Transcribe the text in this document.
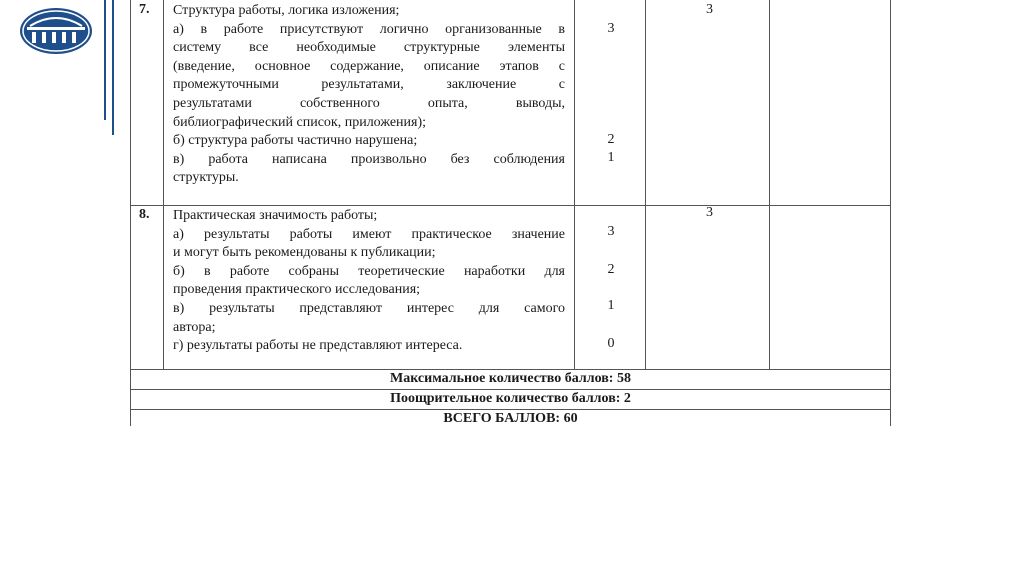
7. Структура работы, логика изложения;
а) в работе присутствуют логично организованные в
систему все необходимые структурные элементы
(введение, основное содержание, описание этапов с
промежуточными результатами, заключение с
результатами собственного опыта, выводы,
библиографический список, приложения);
б) структура работы частично нарушена;
в) работа написана произвольно без соблюдения
структуры.
3
2
1
3
8. Практическая значимость работы;
а) результаты работы имеют практическое значение
и могут быть рекомендованы к публикации;
б) в работе собраны теоретические наработки для
проведения практического исследования;
в) результаты представляют интерес для самого
автора;
г) результаты работы не представляют интереса.
3
2
1
0
3
Максимальное количество баллов: 58
Поощрительное количество баллов: 2
ВСЕГО БАЛЛОВ: 60
